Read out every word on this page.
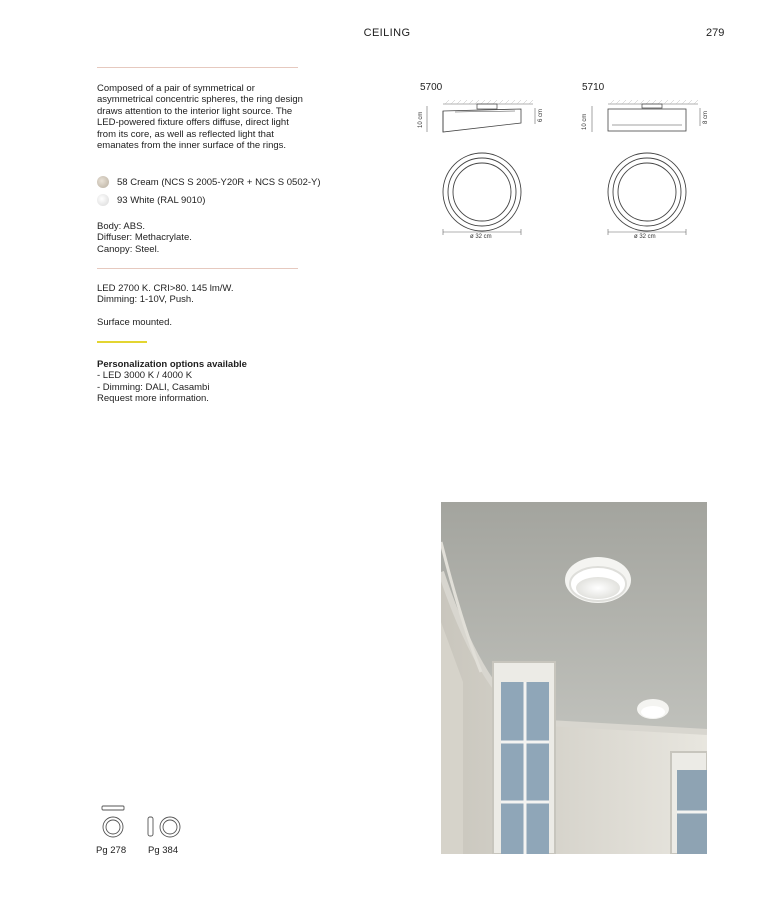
CEILING	279
Composed of a pair of symmetrical or asymmetrical concentric spheres, the ring design draws attention to the interior light source. The LED-powered fixture offers diffuse, direct light from its core, as well as reflected light that emanates from the inner surface of the rings.
58 Cream (NCS S 2005-Y20R + NCS S 0502-Y)
93 White (RAL 9010)
Body: ABS.
Diffuser: Methacrylate.
Canopy: Steel.
LED 2700 K. CRI>80. 145 lm/W.
Dimming: 1-10V, Push.
Surface mounted.
Personalization options available
- LED 3000 K / 4000 K
- Dimming: DALI, Casambi
Request more information.
5700
10 cm	6 cm
ø 32 cm
5710
10 cm	8 cm
ø 32 cm
Pg 278 Pg 384
